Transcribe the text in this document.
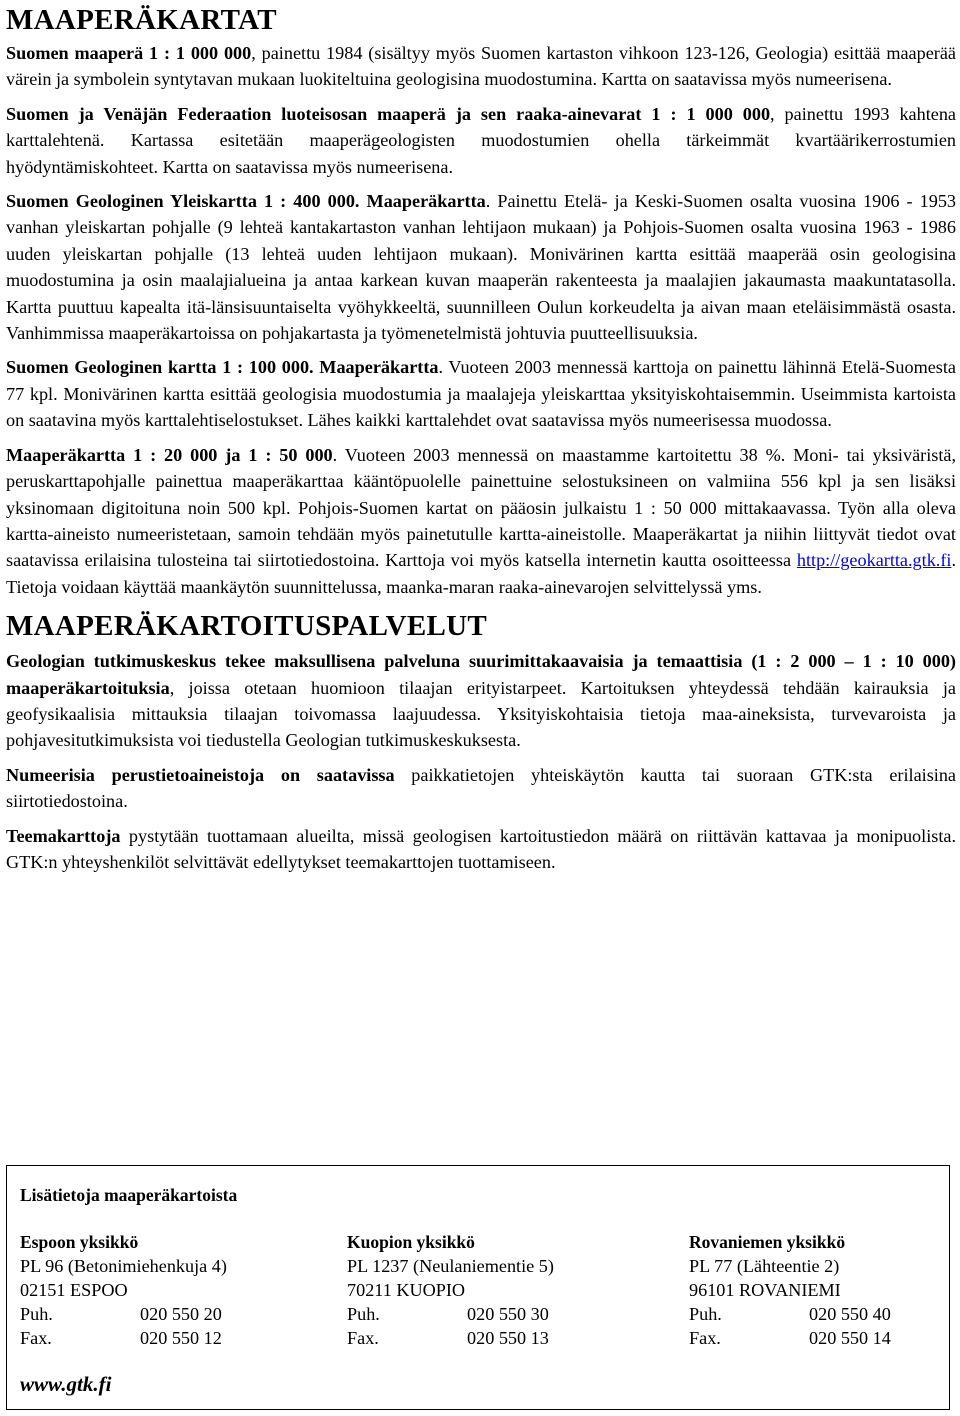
MAAPERÄKARTAT

Suomen maaperä 1 : 1 000 000, painettu 1984 (sisältyy myös Suomen kartaston vihkoon 123-126, Geologia) esittää maaperää värein ja symbolein syntytavan mukaan luokiteltuina geologisina muodostumina. Kartta on saatavissa myös numeerisena.

Suomen ja Venäjän Federaation luoteisosan maaperä ja sen raaka-ainevarat 1 : 1 000 000, painettu 1993 kahtena karttalehtenä. Kartassa esitetään maaperägeologisten muodostumien ohella tärkeimmät kvartäärikerrostumien hyödyntämiskohteet. Kartta on saatavissa myös numeerisena.

Suomen Geologinen Yleiskartta 1 : 400 000. Maaperäkartta. Painettu Etelä- ja Keski-Suomen osalta vuosina 1906 - 1953 vanhan yleiskartan pohjalle (9 lehteä kantakartaston vanhan lehtijaon mukaan) ja Pohjois-Suomen osalta vuosina 1963 - 1986 uuden yleiskartan pohjalle (13 lehteä uuden lehtijaon mukaan). Monivärinen kartta esittää maaperää osin geologisina muodostumina ja osin maalajialueina ja antaa karkean kuvan maaperän rakenteesta ja maalajien jakaumasta maakuntatasolla. Kartta puuttuu kapealta itä-länsisuuntaiselta vyöhykkeeltä, suunnilleen Oulun korkeudelta ja aivan maan eteläisimmästä osasta. Vanhimmissa maaperäkartoissa on pohjakartasta ja työmenetelmistä johtuvia puutteellisuuksia.

Suomen Geologinen kartta 1 : 100 000. Maaperäkartta. Vuoteen 2003 mennessä karttoja on painettu lähinnä Etelä-Suomesta 77 kpl. Monivärinen kartta esittää geologisia muodostumia ja maalajeja yleiskarttaa yksityiskohtaisemmin. Useimmista kartoista on saatavina myös karttalehtiselostukset. Lähes kaikki karttalehdet ovat saatavissa myös numeerisessa muodossa.

Maaperäkartta 1 : 20 000 ja 1 : 50 000. Vuoteen 2003 mennessä on maastamme kartoitettu 38 %. Moni- tai yksiväristä, peruskarttapohjalle painettua maaperäkarttaa kääntöpuolelle painettuine selostuksineen on valmiina 556 kpl ja sen lisäksi yksinomaan digitoituna noin 500 kpl. Pohjois-Suomen kartat on pääosin julkaistu 1 : 50 000 mittakaavassa. Työn alla oleva kartta-aineisto numeeristetaan, samoin tehdään myös painetutulle kartta-aineistolle. Maaperäkartat ja niihin liittyvät tiedot ovat saatavissa erilaisina tulosteina tai siirtotiedostoina. Karttoja voi myös katsella internetin kautta osoitteessa http://geokartta.gtk.fi. Tietoja voidaan käyttää maankäytön suunnittelussa, maanka-maran raaka-ainevarojen selvittelyssä yms.

MAAPERÄKARTOITUSPALVELUT

Geologian tutkimuskeskus tekee maksullisena palveluna suurimittakaavaisia ja temaattisia (1 : 2 000 – 1 : 10 000) maaperäkartoituksia, joissa otetaan huomioon tilaajan erityistarpeet. Kartoituksen yhteydessä tehdään kairauksia ja geofysikaalisia mittauksia tilaajan toivomassa laajuudessa. Yksityiskohtaisia tietoja maa-aineksista, turvevaroista ja pohjavesitutkimuksista voi tiedustella Geologian tutkimuskeskuksesta.

Numeerisia perustietoaineistoja on saatavissa paikkatietojen yhteiskäytön kautta tai suoraan GTK:sta erilaisina siirtotiedostoina.

Teemakarttoja pystytään tuottamaan alueilta, missä geologisen kartoitustiedon määrä on riittävän kattavaa ja monipuolista. GTK:n yhteyshenkilöt selvittävät edellytykset teemakarttojen tuottamiseen.

Lisätietoja maaperäkartoista
Espoon yksikkö
PL 96 (Betonimiehenkuja 4)
02151 ESPOO
Puh.	020 550 20
Fax.	020 550 12
Kuopion yksikkö
PL 1237 (Neulaniementie 5)
70211 KUOPIO
Puh.	020 550 30
Fax.	020 550 13
Rovaniemen yksikkö
PL 77 (Lähteentie 2)
96101 ROVANIEMI
Puh.	020 550 40
Fax.	020 550 14
www.gtk.fi
